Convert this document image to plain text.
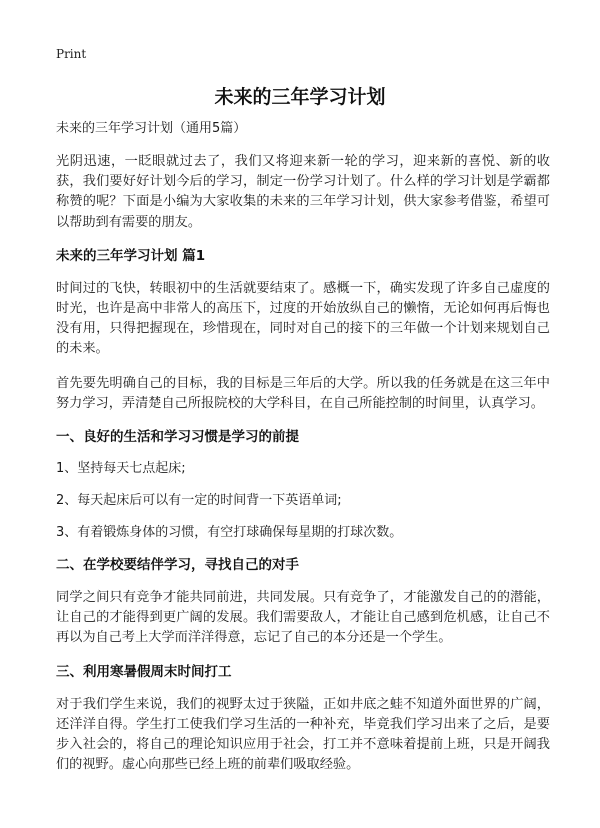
Print
未来的三年学习计划
未来的三年学习计划（通用5篇）

光阴迅速，一眨眼就过去了，我们又将迎来新一轮的学习，迎来新的喜悦、新的收获，我们要好好计划今后的学习，制定一份学习计划了。什么样的学习计划是学霸都称赞的呢？下面是小编为大家收集的未来的三年学习计划，供大家参考借鉴，希望可以帮助到有需要的朋友。

未来的三年学习计划 篇1

时间过的飞快，转眼初中的生活就要结束了。感概一下，确实发现了许多自己虚度的时光，也许是高中非常人的高压下，过度的开始放纵自己的懒惰，无论如何再后悔也没有用，只得把握现在，珍惜现在，同时对自己的接下的三年做一个计划来规划自己的未来。

首先要先明确自己的目标，我的目标是三年后的大学。所以我的任务就是在这三年中努力学习，弄清楚自己所报院校的大学科目，在自己所能控制的时间里，认真学习。

一、良好的生活和学习习惯是学习的前提

1、坚持每天七点起床;

2、每天起床后可以有一定的时间背一下英语单词;

3、有着锻炼身体的习惯，有空打球确保每星期的打球次数。

二、在学校要结伴学习，寻找自己的对手

同学之间只有竞争才能共同前进，共同发展。只有竞争了，才能激发自己的的潜能，让自己的才能得到更广阔的发展。我们需要敌人，才能让自己感到危机感，让自己不再以为自己考上大学而洋洋得意，忘记了自己的本分还是一个学生。

三、利用寒暑假周末时间打工

对于我们学生来说，我们的视野太过于狭隘，正如井底之蛙不知道外面世界的广阔，还洋洋自得。学生打工使我们学习生活的一种补充，毕竟我们学习出来了之后，是要步入社会的，将自己的理论知识应用于社会，打工并不意味着提前上班，只是开阔我们的视野。虚心向那些已经上班的前辈们吸取经验。
